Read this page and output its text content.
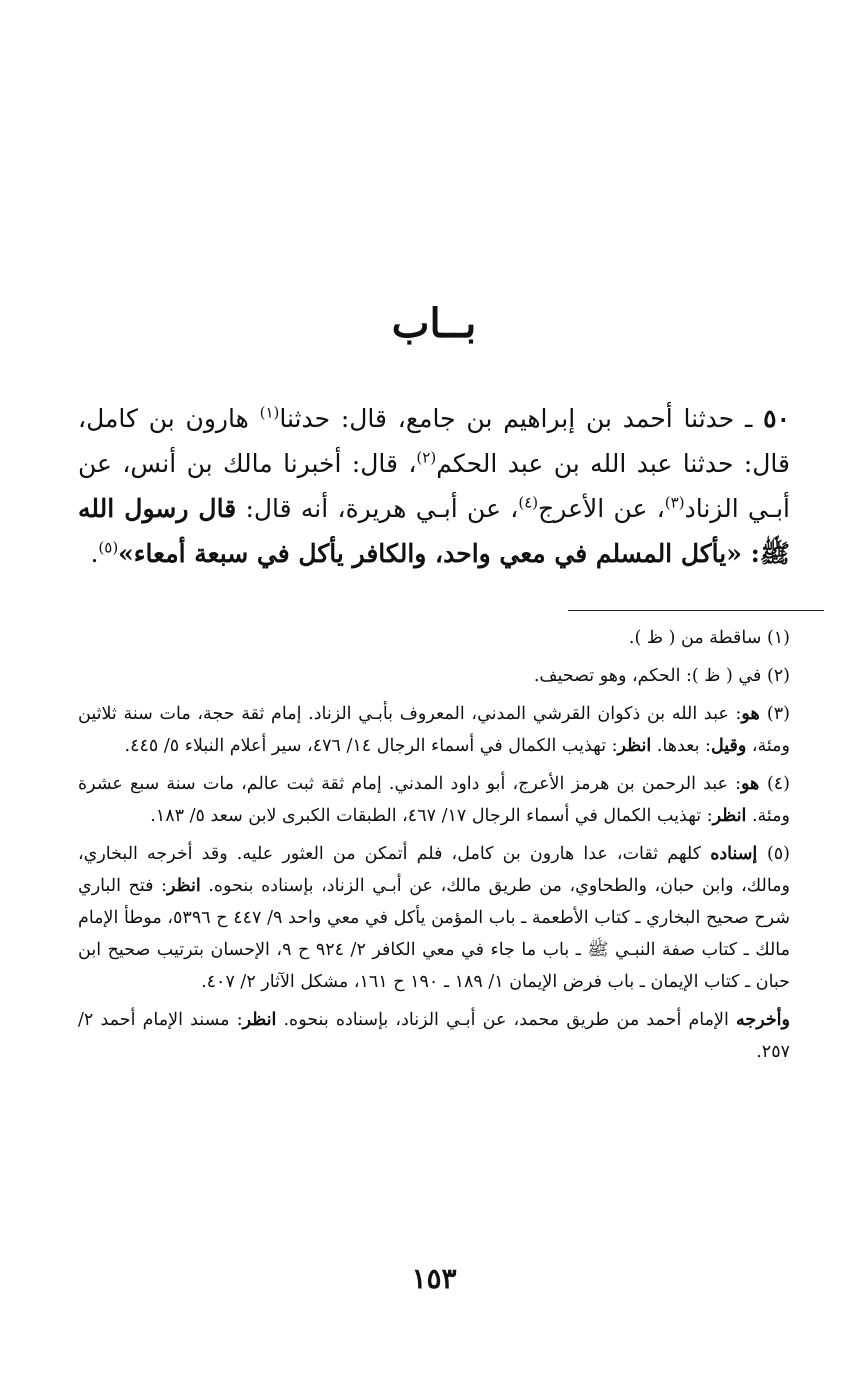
بــاب

٥٠ ـ حدثنا أحمد بن إبراهيم بن جامع، قال: حدثنا$^{(١)}$ هارون بن كامل، قال: حدثنا عبد الله بن عبد الحكم$^{(٢)}$، قال: أخبرنا مالك بن أنس، عن أبـي الزناد$^{(٣)}$، عن الأعرج$^{(٤)}$، عن أبـي هريرة، أنه قال: قال رسول الله ﷺ: «يأكل المسلم في معي واحد، والكافر يأكل في سبعة أمعاء»$^{(٥)}$.

(١) ساقطة من ( ظ ).

(٢) في ( ظ ): الحكم، وهو تصحيف.

(٣) هو: عبد الله بن ذكوان القرشي المدني، المعروف بأبـي الزناد. إمام ثقة حجة، مات سنة ثلاثين ومئة، وقيل: بعدها. انظر: تهذيب الكمال في أسماء الرجال ١٤/ ٤٧٦، سير أعلام النبلاء ٥/ ٤٤٥.

(٤) هو: عبد الرحمن بن هرمز الأعرج، أبو داود المدني. إمام ثقة ثبت عالم، مات سنة سبع عشرة ومئة. انظر: تهذيب الكمال في أسماء الرجال ١٧/ ٤٦٧، الطبقات الكبرى لابن سعد ٥/ ١٨٣.

(٥) إسناده كلهم ثقات، عدا هارون بن كامل، فلم أتمكن من العثور عليه. وقد أخرجه البخاري، ومالك، وابن حبان، والطحاوي، من طريق مالك، عن أبـي الزناد، بإسناده بنحوه. انظر: فتح الباري شرح صحيح البخاري ـ كتاب الأطعمة ـ باب المؤمن يأكل في معي واحد ٩/ ٤٤٧ ح ٥٣٩٦، موطأ الإمام مالك ـ كتاب صفة النبـي ﷺ ـ باب ما جاء في معي الكافر ٢/ ٩٢٤ ح ٩، الإحسان بترتيب صحيح ابن حبان ـ كتاب الإيمان ـ باب فرض الإيمان ١/ ١٨٩ ـ ١٩٠ ح ١٦١، مشكل الآثار ٢/ ٤٠٧.

وأخرجه الإمام أحمد من طريق محمد، عن أبـي الزناد، بإسناده بنحوه. انظر: مسند الإمام أحمد ٢/ ٢٥٧.

١٥٣
